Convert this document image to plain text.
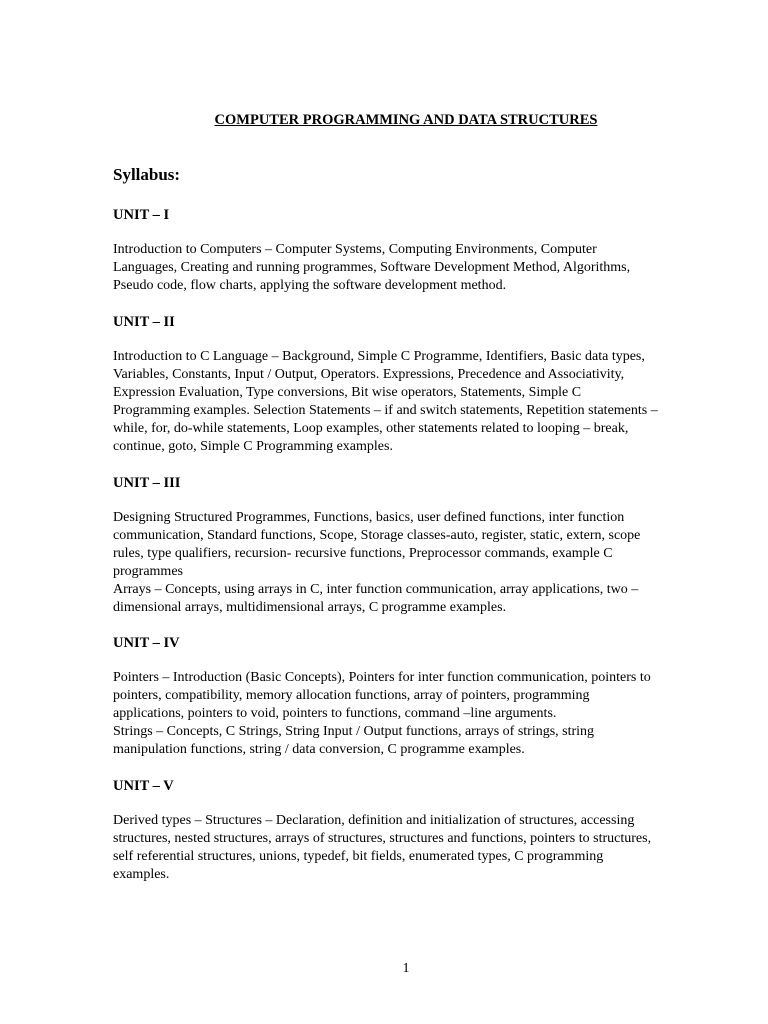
COMPUTER PROGRAMMING AND DATA STRUCTURES
Syllabus:
UNIT – I
Introduction to Computers – Computer Systems, Computing Environments, Computer
Languages, Creating and running programmes, Software Development Method, Algorithms,
Pseudo code, flow charts, applying the software development method.
UNIT – II
Introduction to C Language – Background, Simple C Programme, Identifiers, Basic data types,
Variables, Constants, Input / Output, Operators. Expressions, Precedence and Associativity,
Expression Evaluation, Type conversions, Bit wise operators, Statements, Simple C
Programming examples. Selection Statements – if and switch statements, Repetition statements –
while, for, do-while statements, Loop examples, other statements related to looping – break,
continue, goto, Simple C Programming examples.
UNIT – III
Designing Structured Programmes, Functions, basics, user defined functions, inter function
communication, Standard functions, Scope, Storage classes-auto, register, static, extern, scope
rules, type qualifiers, recursion- recursive functions, Preprocessor commands, example C
programmes
Arrays – Concepts, using arrays in C, inter function communication, array applications, two –
dimensional arrays, multidimensional arrays, C programme examples.
UNIT – IV
Pointers – Introduction (Basic Concepts), Pointers for inter function communication, pointers to
pointers, compatibility, memory allocation functions, array of pointers, programming
applications, pointers to void, pointers to functions, command –line arguments.
Strings – Concepts, C Strings, String Input / Output functions, arrays of strings, string
manipulation functions, string / data conversion, C programme examples.
UNIT – V
Derived types – Structures – Declaration, definition and initialization of structures, accessing
structures, nested structures, arrays of structures, structures and functions, pointers to structures,
self referential structures, unions, typedef, bit fields, enumerated types, C programming
examples.
1
